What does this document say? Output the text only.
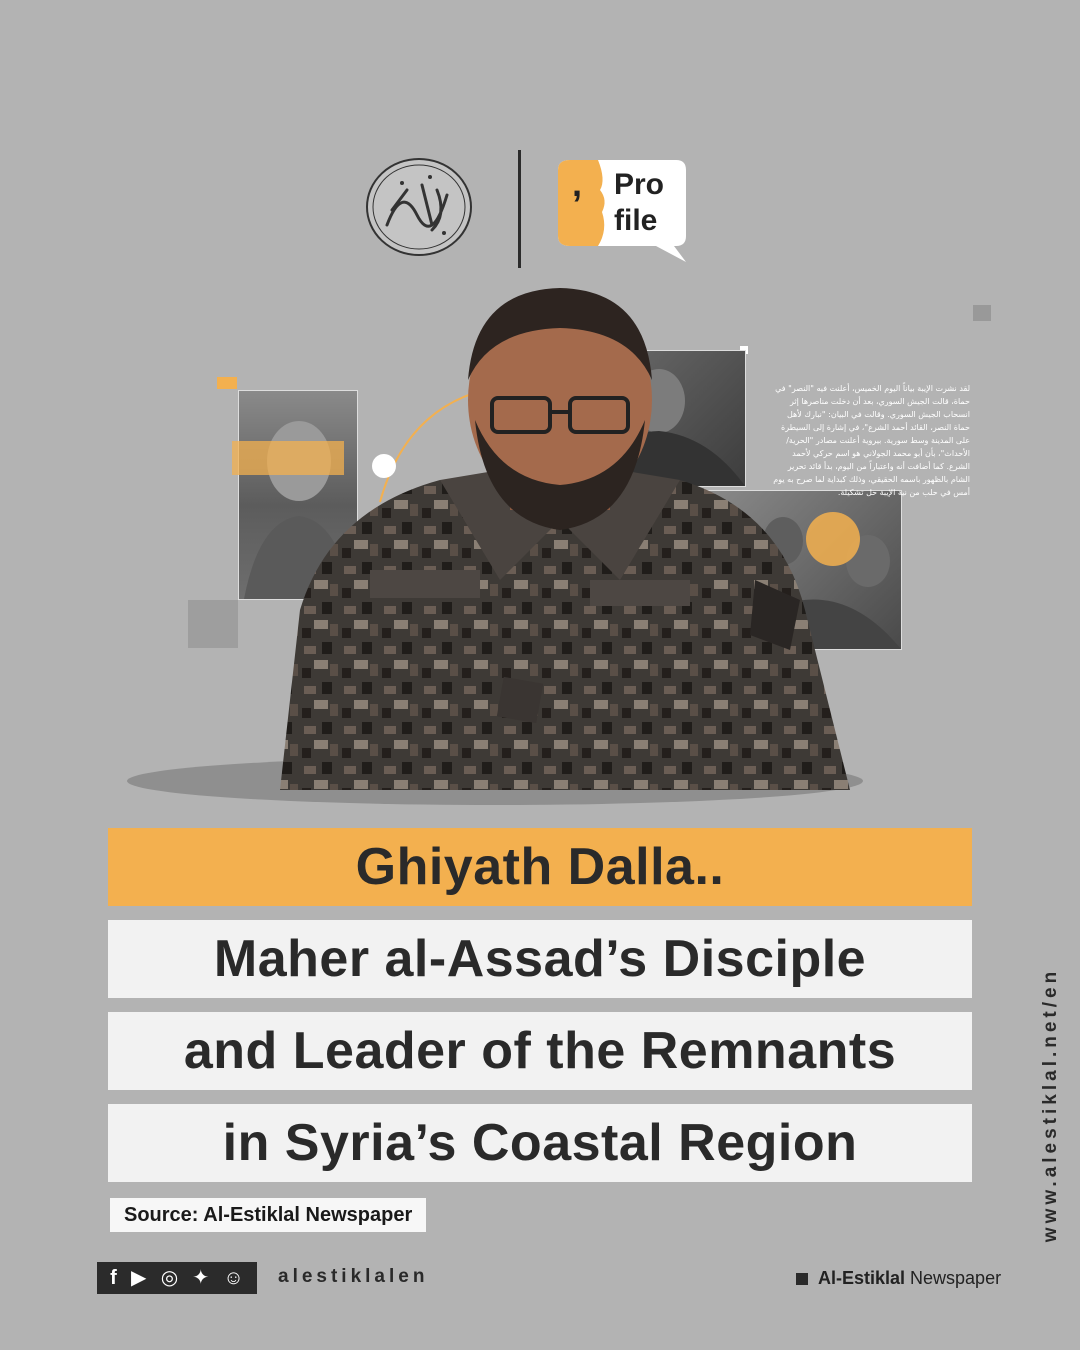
, Pro
file
لقد نشرت الإيبة بياناً اليوم الخميس، أعلنت فيه "النصر" في حماة، قالت الجيش السوري، بعد أن دخلت مناصرها إثر انسحاب الجيش السوري. وقالت في البيان: "نبارك لأهل حماة النصر، القائد أحمد الشرع"، في إشارة إلى السيطرة على المدينة وسط سورية. بيروية أعلنت مصادر "الحرية/الأحداث"، بأن أبو محمد الجولاني هو اسم حركي لأحمد الشرع. كما أضافت أنه واعتباراً من اليوم، بدأ قائد تحرير الشام بالظهور باسمه الحقيقي، وذلك كبداية لما صرح به يوم أمس في حلب من نية الإيبة حل تشكيلة.
Ghiyath Dalla..
Maher al-Assad’s Disciple
and Leader of the Remnants
in Syria’s Coastal Region
Source: Al-Estiklal Newspaper	www.alestiklal.net/en
f ▶ ◎ ✦ ☺ alestiklalen	Al-Estiklal Newspaper
